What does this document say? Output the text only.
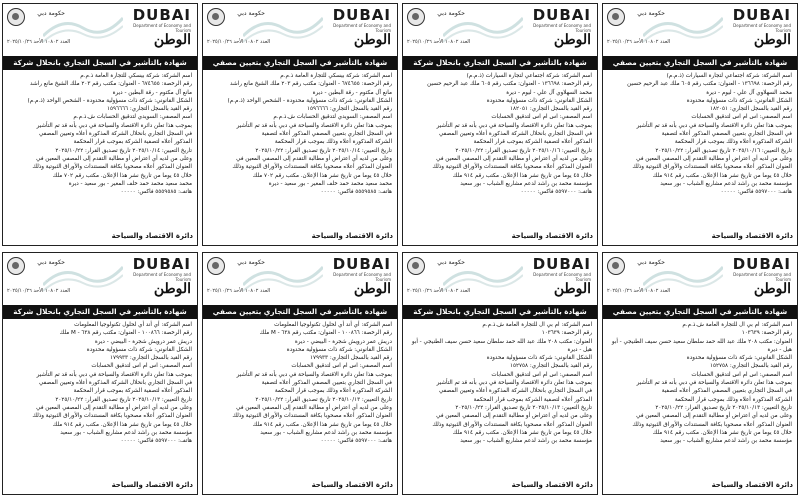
DUBAI
Department of Economy and Tourism
حكومة دبي
الوطن
العدد ١٠٨٠٢ الأحد ٢٠٢٥/١٠/٢٦
شهادة بالتأشير في السجل التجاري بانحلال شركة

اسم الشركة: شركة بيسكي للتجارة العامة ذ.م.م

رقم الرخصة: ٦٧٤٦٥٥ - العنوان: مكتب رقم ٢٠٣ ملك الشيخ مانع راشد

مانع آل مكتوم - رقة البطين - ديرة

الشكل القانوني: شركة ذات مسؤولية محدودة - الشخص الواحد (ذ.م.م)

رقم القيد بالسجل التجاري: ١٥٩٦٦٦٦

اسم المصفي: السويدي لتدقيق الحسابات ش.ذ.م.م

بموجب هذا تعلن دائرة الاقتصاد والسياحة في دبي بأنه قد تم التأشير

في السجل التجاري بانحلال الشركة المذكورة أعلاه وتعيين المصفي

المذكور أعلاه لتصفية الشركة بموجب قرار المحكمة

تاريخ التعيين: ٢٠٢٥/١٠/١٤ تاريخ تصديق القرار: ٢٠٢٥/١٠/٢٢

وعلى من لديه أي اعتراض أو مطالبة التقدم إلى المصفي المعين في

العنوان المذكور أعلاه مصحوبا بكافة المستندات والأوراق الثبوتية وذلك

خلال ٤٥ يوما من تاريخ نشر هذا الإعلان. مكتب رقم ٧٠٢ ملك

محمد سعيد محمد حمد خلف المغير - بور سعيد - ديرة

هاتف: ٥٥٥٩٥٨٥ فاكس: ٠٠٠٠٠

دائرة الاقتصاد والسياحة
DUBAI
Department of Economy and Tourism
حكومة دبي
الوطن
العدد ١٠٨٠٢ الأحد ٢٠٢٥/١٠/٢٦
شهادة بالتأشير في السجل التجاري بتعيين مصفي

اسم الشركة: شركة بيسكي للتجارة العامة ذ.م.م

رقم الرخصة: ٦٧٤٦٥٥ - العنوان: مكتب رقم ٢٠٣ ملك الشيخ مانع راشد

مانع آل مكتوم - رقة البطين - ديرة

الشكل القانوني: شركة ذات مسؤولية محدودة - الشخص الواحد (ذ.م.م)

رقم القيد بالسجل التجاري: ١٥٩٦٦٦٦

اسم المصفي: السويدي لتدقيق الحسابات ش.ذ.م.م

بموجب هذا تعلن دائرة الاقتصاد والسياحة في دبي بأنه قد تم التأشير

في السجل التجاري بتعيين المصفي المذكور أعلاه لتصفية

الشركة المذكورة أعلاه وذلك بموجب قرار المحكمة

تاريخ التعيين: ٢٠٢٥/١٠/١٤ تاريخ تصديق القرار: ٢٠٢٥/١٠/٢٢

وعلى من لديه أي اعتراض أو مطالبة التقدم إلى المصفي المعين في

العنوان المذكور أعلاه مصحوبا بكافة المستندات والأوراق الثبوتية وذلك

خلال ٤٥ يوما من تاريخ نشر هذا الإعلان. مكتب رقم ٧٠٢ ملك

محمد سعيد محمد حمد خلف المغير - بور سعيد - ديرة

هاتف: ٥٥٥٩٥٨٥ فاكس: ٠٠٠٠٠

دائرة الاقتصاد والسياحة
DUBAI
Department of Economy and Tourism
حكومة دبي
الوطن
العدد ١٠٨٠٢ الأحد ٢٠٢٥/١٠/٢٦
شهادة بالتأشير في السجل التجاري بانحلال شركة

اسم الشركة: شركة اجتماعي لتجارة السيارات (ذ.م.م)

رقم الرخصة: ١٣٦٦٩٨ - العنوان: مكتب رقم ٦٠٥ ملك عبد الرحيم حسين

محمد السهلاوي آل علي - ليوم - ديرة

الشكل القانوني: شركة ذات مسؤولية محدودة

رقم القيد بالسجل التجاري: ١٨٢٠٥١

اسم المصفي: اس ام اس لتدقيق الحسابات

بموجب هذا تعلن دائرة الاقتصاد والسياحة في دبي بأنه قد تم التأشير

في السجل التجاري بانحلال الشركة المذكورة أعلاه وتعيين المصفي

المذكور أعلاه لتصفية الشركة بموجب قرار المحكمة

تاريخ التعيين: ٢٠٢٥/١٠/١٦ تاريخ تصديق القرار: ٢٠٢٥/١٠/٢٢

وعلى من لديه أي اعتراض أو مطالبة التقدم إلى المصفي المعين في

العنوان المذكور أعلاه مصحوبا بكافة المستندات والأوراق الثبوتية وذلك

خلال ٤٥ يوما من تاريخ نشر هذا الإعلان. مكتب رقم ٩١٤ ملك

مؤسسة محمد بن راشد لدعم مشاريع الشباب - بور سعيد

هاتف: ٥٥٩٧٠٠٠ فاكس: ٠٠٠٠٠

دائرة الاقتصاد والسياحة
DUBAI
Department of Economy and Tourism
حكومة دبي
الوطن
العدد ١٠٨٠٢ الأحد ٢٠٢٥/١٠/٢٦
شهادة بالتأشير في السجل التجاري بتعيين مصفي

اسم الشركة: شركة اجتماعي لتجارة السيارات (ذ.م.م)

رقم الرخصة: ١٣٦٦٩٨ - العنوان: مكتب رقم ٦٠٥ ملك عبد الرحيم حسين

محمد السهلاوي آل علي - ليوم - ديرة

الشكل القانوني: شركة ذات مسؤولية محدودة

رقم القيد بالسجل التجاري: ١٨٢٠٥١

اسم المصفي: اس ام اس لتدقيق الحسابات

بموجب هذا تعلن دائرة الاقتصاد والسياحة في دبي بأنه قد تم التأشير

في السجل التجاري بتعيين المصفي المذكور أعلاه لتصفية

الشركة المذكورة أعلاه وذلك بموجب قرار المحكمة

تاريخ التعيين: ٢٠٢٥/١٠/١٦ تاريخ تصديق القرار: ٢٠٢٥/١٠/٢٢

وعلى من لديه أي اعتراض أو مطالبة التقدم إلى المصفي المعين في

العنوان المذكور أعلاه مصحوبا بكافة المستندات والأوراق الثبوتية وذلك

خلال ٤٥ يوما من تاريخ نشر هذا الإعلان. مكتب رقم ٩١٤ ملك

مؤسسة محمد بن راشد لدعم مشاريع الشباب - بور سعيد

هاتف: ٥٥٩٧٠٠٠ فاكس: ٠٠٠٠٠

دائرة الاقتصاد والسياحة
DUBAI
Department of Economy and Tourism
حكومة دبي
الوطن
العدد ١٠٨٠٢ الأحد ٢٠٢٥/١٠/٢٦
شهادة بالتأشير في السجل التجاري بانحلال شركة

اسم الشركة: أي أند أي لحلول تكنولوجيا المعلومات

رقم الرخصة: ١٠٠٨٦٦ - العنوان: مكتب رقم ٦٣٨ - M ملك

دريش عمر درويش شجرة - البيضي - ديرة

الشكل القانوني: شركة ذات مسؤولية محدودة

رقم القيد بالسجل التجاري: ١٧٩٩٣٣

اسم المصفي: اس ام اس لتدقيق الحسابات

بموجب هذا تعلن دائرة الاقتصاد والسياحة في دبي بأنه قد تم التأشير

في السجل التجاري بانحلال الشركة المذكورة أعلاه وتعيين المصفي

المذكور أعلاه لتصفية الشركة بموجب قرار المحكمة

تاريخ التعيين: ٢٠٢٥/١٠/١٣ تاريخ تصديق القرار: ٢٠٢٥/١٠/٢٢

وعلى من لديه أي اعتراض أو مطالبة التقدم إلى المصفي المعين في

العنوان المذكور أعلاه مصحوبا بكافة المستندات والأوراق الثبوتية وذلك

خلال ٤٥ يوما من تاريخ نشر هذا الإعلان. مكتب رقم ٩١٤ ملك

مؤسسة محمد بن راشد لدعم مشاريع الشباب - بور سعيد

هاتف: ٥٥٩٧٠٠٠ فاكس: ٠٠٠٠٠

دائرة الاقتصاد والسياحة
DUBAI
Department of Economy and Tourism
حكومة دبي
الوطن
العدد ١٠٨٠٢ الأحد ٢٠٢٥/١٠/٢٦
شهادة بالتأشير في السجل التجاري بتعيين مصفي

اسم الشركة: أي أند أي لحلول تكنولوجيا المعلومات

رقم الرخصة: ١٠٠٨٦٦ - العنوان: مكتب رقم ٦٣٨ - M ملك

دريش عمر درويش شجرة - البيضي - ديرة

الشكل القانوني: شركة ذات مسؤولية محدودة

رقم القيد بالسجل التجاري: ١٧٩٩٣٣

اسم المصفي: اس ام اس لتدقيق الحسابات

بموجب هذا تعلن دائرة الاقتصاد والسياحة في دبي بأنه قد تم التأشير

في السجل التجاري بتعيين المصفي المذكور أعلاه لتصفية

الشركة المذكورة أعلاه وذلك بموجب قرار المحكمة

تاريخ التعيين: ٢٠٢٥/١٠/١٣ تاريخ تصديق القرار: ٢٠٢٥/١٠/٢٢

وعلى من لديه أي اعتراض أو مطالبة التقدم إلى المصفي المعين في

العنوان المذكور أعلاه مصحوبا بكافة المستندات والأوراق الثبوتية وذلك

خلال ٤٥ يوما من تاريخ نشر هذا الإعلان. مكتب رقم ٩١٤ ملك

مؤسسة محمد بن راشد لدعم مشاريع الشباب - بور سعيد

هاتف: ٥٥٩٧٠٠٠ فاكس: ٠٠٠٠٠

دائرة الاقتصاد والسياحة
DUBAI
Department of Economy and Tourism
حكومة دبي
الوطن
العدد ١٠٨٠٢ الأحد ٢٠٢٥/١٠/٢٦
شهادة بالتأشير في السجل التجاري بانحلال شركة

اسم الشركة: ام بي ال للتجارة العامة ش.ذ.م.م

رقم الرخصة: ١٠٣٦٣٩

العنوان: مكتب ٢٠٨ ملك عبد الله حمد سلطان سعيد حسن سيف الطنيجي - أبو

هيل - ديرة

الشكل القانوني: شركة ذات مسؤولية محدودة

رقم القيد بالسجل التجاري: ١٥٢٧٥٨

اسم المصفي: اس ام اس لتدقيق الحسابات

بموجب هذا تعلن دائرة الاقتصاد والسياحة في دبي بأنه قد تم التأشير

في السجل التجاري بانحلال الشركة المذكورة أعلاه وتعيين المصفي

المذكور أعلاه لتصفية الشركة بموجب قرار المحكمة

تاريخ التعيين: ٢٠٢٥/١٠/١٣ تاريخ تصديق القرار: ٢٠٢٥/١٠/٢٢

وعلى من لديه أي اعتراض أو مطالبة التقدم إلى المصفي المعين في

العنوان المذكور أعلاه مصحوبا بكافة المستندات والأوراق الثبوتية وذلك

خلال ٤٥ يوما من تاريخ نشر هذا الإعلان. مكتب رقم ٩١٤ ملك

مؤسسة محمد بن راشد لدعم مشاريع الشباب - بور سعيد

دائرة الاقتصاد والسياحة
DUBAI
Department of Economy and Tourism
حكومة دبي
الوطن
العدد ١٠٨٠٢ الأحد ٢٠٢٥/١٠/٢٦
شهادة بالتأشير في السجل التجاري بتعيين مصفي

اسم الشركة: ام بي ال للتجارة العامة ش.ذ.م.م

رقم الرخصة: ١٠٣٦٣٩

العنوان: مكتب ٢٠٨ ملك عبد الله حمد سلطان سعيد حسن سيف الطنيجي - أبو

هيل - ديرة

الشكل القانوني: شركة ذات مسؤولية محدودة

رقم القيد بالسجل التجاري: ١٥٢٧٥٨

اسم المصفي: اس ام اس لتدقيق الحسابات

بموجب هذا تعلن دائرة الاقتصاد والسياحة في دبي بأنه قد تم التأشير

في السجل التجاري بتعيين المصفي المذكور أعلاه لتصفية

الشركة المذكورة أعلاه وذلك بموجب قرار المحكمة

تاريخ التعيين: ٢٠٢٥/١٠/١٣ تاريخ تصديق القرار: ٢٠٢٥/١٠/٢٢

وعلى من لديه أي اعتراض أو مطالبة التقدم إلى المصفي المعين في

العنوان المذكور أعلاه مصحوبا بكافة المستندات والأوراق الثبوتية وذلك

خلال ٤٥ يوما من تاريخ نشر هذا الإعلان. مكتب رقم ٩١٤ ملك

مؤسسة محمد بن راشد لدعم مشاريع الشباب - بور سعيد

دائرة الاقتصاد والسياحة
